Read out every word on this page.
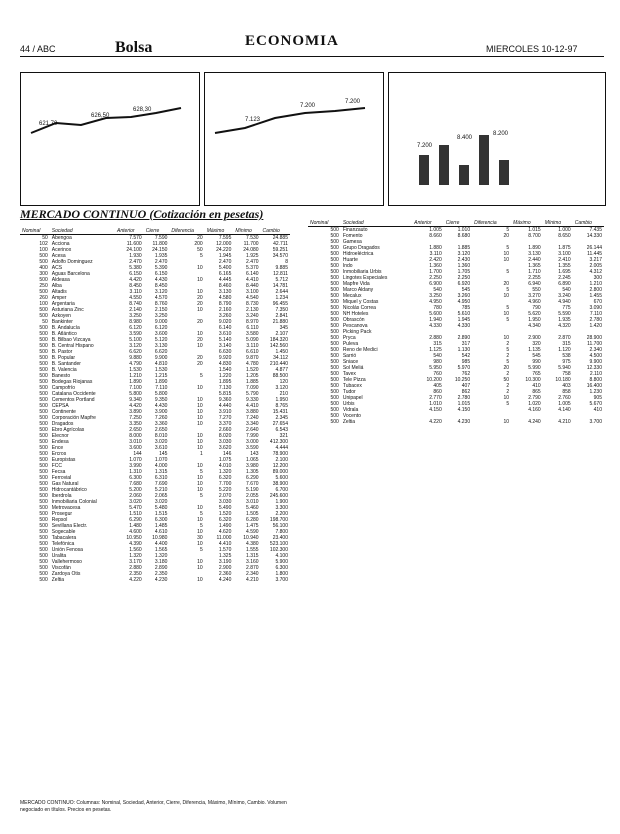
44 / ABC	Bolsa	ECONOMIA	MIERCOLES 10-12-97
621,70
626,50
628,30
7.123
7.200
7.200
7.200
8.400
8.200
MERCADO CONTINUO (Cotización en pesetas)
Nominal	Sociedad	Anterior	Cierre	Diferencia	Máximo	Mínimo	Cambio
50	Abengoa	7.570	7.590	20	7.595	7.530	24.885
102	Acciona	11.600	11.800	200	12.000	11.700	42.711
100	Acerinox	24.100	24.150	50	24.220	24.080	59.251
500	Acesa	1.930	1.935	5	1.945	1.925	34.570
500	Adolfo Dominguez	2.470	2.470		2.470	2.470	8
400	ACS	5.380	5.390	10	5.400	5.370	9.885
300	Aguas Barcelona	6.150	6.150		6.165	6.140	12.811
500	Aldeasa	4.420	4.430	10	4.445	4.410	5.712
250	Alba	8.450	8.450		8.460	8.440	14.781
500	Altadis	3.110	3.120	10	3.130	3.100	2.644
260	Amper	4.550	4.570	20	4.580	4.540	1.234
100	Argentaria	8.740	8.760	20	8.790	8.730	96.455
500	Asturiana Zinc	2.140	2.150	10	2.160	2.130	7.350
500	Azkoyen	3.250	3.250		3.260	3.240	2.841
50	Bankinter	8.980	9.000	20	9.020	8.970	21.880
500	B. Andalucía	6.120	6.120		6.140	6.110	345
500	B. Atlántico	3.590	3.600	10	3.610	3.580	2.107
500	B. Bilbao Vizcaya	5.100	5.120	20	5.140	5.090	184.320
500	B. Central Hispano	3.120	3.130	10	3.140	3.110	142.560
500	B. Pastor	6.620	6.620		6.630	6.610	1.450
500	B. Popular	9.880	9.900	20	9.920	9.870	34.112
500	B. Santander	4.790	4.810	20	4.830	4.780	210.440
500	B. Valencia	1.530	1.530		1.540	1.520	4.877
500	Banesto	1.210	1.215	5	1.220	1.205	88.500
500	Bodegas Riojanas	1.890	1.890		1.895	1.885	120
500	Campofrío	7.100	7.110	10	7.130	7.090	3.120
500	Catalana Occidente	5.800	5.800		5.815	5.790	210
500	Cementos Portland	9.340	9.350	10	9.360	9.330	1.950
500	CEPSA	4.420	4.430	10	4.440	4.410	8.765
500	Continente	3.890	3.900	10	3.910	3.880	15.431
500	Corporación Mapfre	7.250	7.260	10	7.270	7.240	2.345
500	Dragados	3.350	3.360	10	3.370	3.340	27.654
500	Ebro Agrícolas	2.650	2.650		2.660	2.640	6.543
500	Elecnor	8.000	8.010	10	8.020	7.990	321
500	Endesa	3.010	3.020	10	3.030	3.000	412.300
500	Ence	3.600	3.610	10	3.620	3.590	4.444
500	Ercros	144	145	1	146	143	78.900
500	Europistas	1.070	1.070		1.075	1.065	2.100
500	FCC	3.990	4.000	10	4.010	3.980	12.200
500	Fecsa	1.310	1.315	5	1.320	1.305	89.000
500	Ferrovial	6.300	6.310	10	6.320	6.290	5.600
500	Gas Natural	7.680	7.690	10	7.700	7.670	38.900
500	Hidrocantábrico	5.200	5.210	10	5.220	5.190	6.700
500	Iberdrola	2.060	2.065	5	2.070	2.055	245.600
500	Inmobiliaria Colonial	3.020	3.020		3.030	3.010	1.900
500	Metrovacesa	5.470	5.480	10	5.490	5.460	3.300
500	Prosegur	1.510	1.515	5	1.520	1.505	2.200
500	Repsol	6.290	6.300	10	6.320	6.280	198.700
500	Sevillana Electr.	1.480	1.485	5	1.490	1.475	56.100
500	Sogecable	4.600	4.610	10	4.620	4.590	7.800
500	Tabacalera	10.950	10.980	30	11.000	10.940	23.400
500	Telefónica	4.390	4.400	10	4.410	4.380	523.100
500	Unión Fenosa	1.560	1.565	5	1.570	1.555	102.300
500	Uralita	1.320	1.320		1.325	1.315	4.100
500	Vallehermoso	3.170	3.180	10	3.190	3.160	5.900
500	Viscofán	2.880	2.890	10	2.900	2.870	6.300
500	Zardoya Otis	2.350	2.350		2.360	2.340	1.800
500	Zeltia	4.220	4.230	10	4.240	4.210	3.700
Nominal	Sociedad	Anterior	Cierre	Diferencia	Máximo	Mínimo	Cambio
500	Finanzauto	1.005	1.010	5	1.015	1.000	7.435
500	Fomento	8.660	8.680	20	8.700	8.650	14.330
500	Gamesa						
500	Grupo Dragados	1.880	1.885	5	1.890	1.875	26.144
500	Hidroeléctrica	3.110	3.120	10	3.130	3.100	11.445
500	Huarte	2.420	2.430	10	2.440	2.410	3.217
500	Indo	1.360	1.360		1.365	1.355	2.005
500	Inmobiliaria Urbis	1.700	1.705	5	1.710	1.695	4.312
500	Lingotes Especiales	2.250	2.250		2.255	2.245	300
500	Mapfre Vida	6.900	6.920	20	6.940	6.890	1.210
500	Marco Aldany	540	545	5	550	540	2.800
500	Mecalux	3.250	3.260	10	3.270	3.240	1.455
500	Miquel y Costas	4.950	4.950		4.960	4.940	670
500	Nicolás Correa	780	785	5	790	775	3.090
500	NH Hoteles	5.600	5.610	10	5.620	5.590	7.110
500	Obrascón	1.940	1.945	5	1.950	1.935	2.780
500	Pescanova	4.330	4.330		4.340	4.320	1.420
500	Picking Pack						
500	Pryca	2.880	2.890	10	2.900	2.870	28.900
500	Puleva	315	317	2	320	315	11.700
500	Reno de Medici	1.125	1.130	5	1.135	1.120	2.340
500	Sarrió	540	542	2	545	538	4.500
500	Sniace	980	985	5	990	975	9.900
500	Sol Meliá	5.950	5.970	20	5.990	5.940	12.330
500	Tavex	760	762	2	765	758	2.110
500	Tele Pizza	10.200	10.250	50	10.300	10.180	8.800
500	Tubacex	405	407	2	410	403	16.400
500	Tudor	860	862	2	865	858	1.230
500	Unipapel	2.770	2.780	10	2.790	2.760	905
500	Urbis	1.010	1.015	5	1.020	1.005	5.670
500	Vidrala	4.150	4.150		4.160	4.140	410
500	Vocento						
500	Zeltia	4.220	4.230	10	4.240	4.210	3.700
MERCADO CONTINUO: Columnas: Nominal, Sociedad, Anterior, Cierre, Diferencia, Máximo, Mínimo, Cambio. Volumen negociado en títulos. Precios en pesetas.
